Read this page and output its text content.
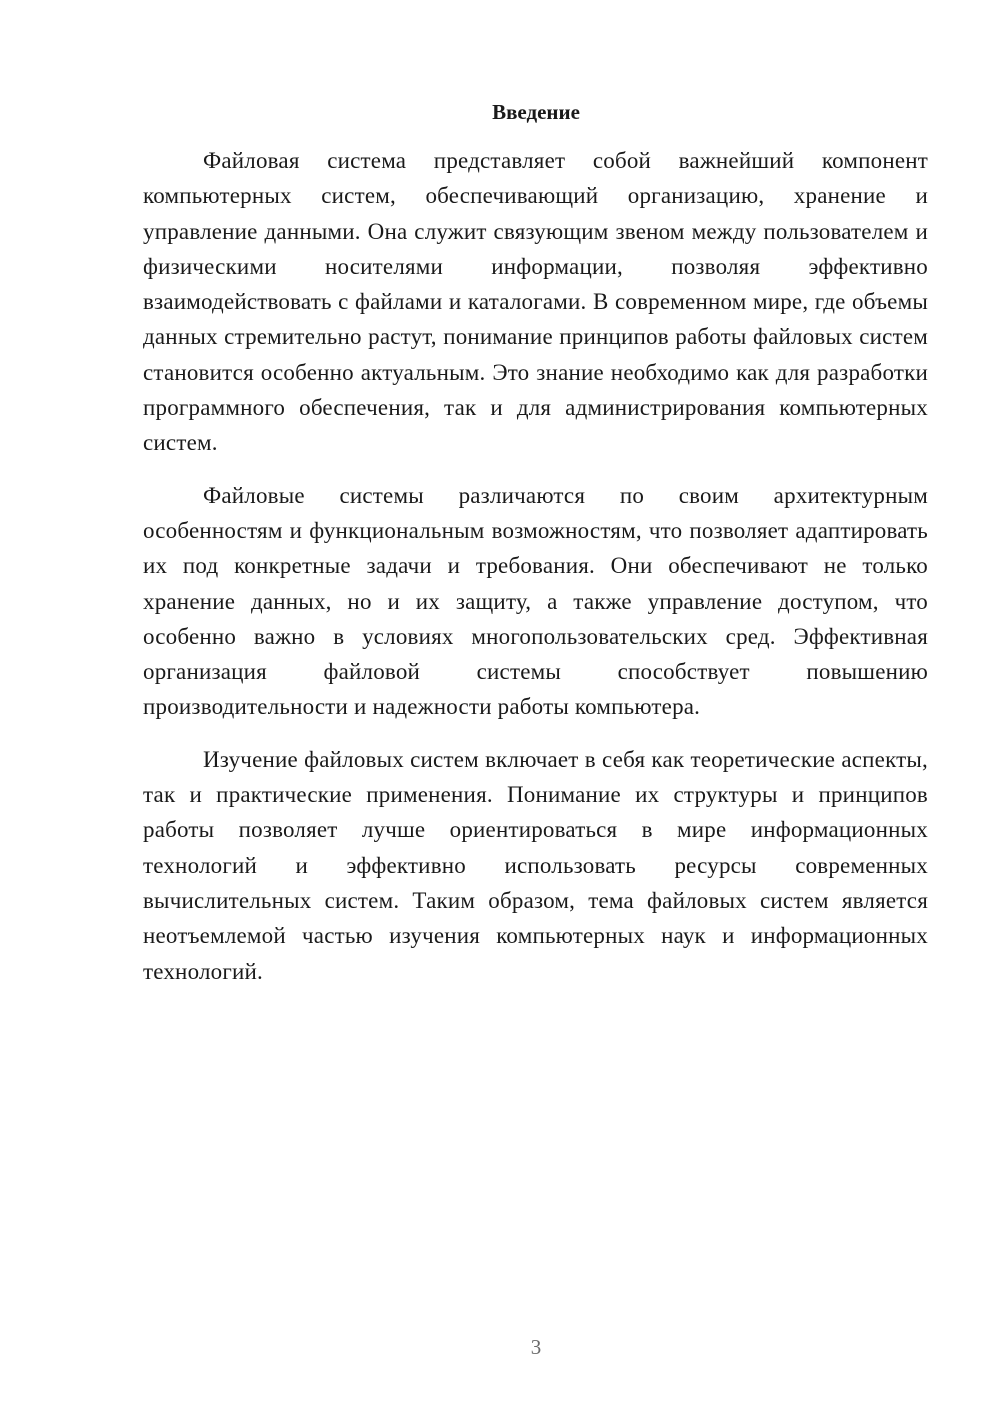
Введение

Файловая система представляет собой важнейший компонент компьютерных систем, обеспечивающий организацию, хранение и управление данными. Она служит связующим звеном между пользователем и физическими носителями информации, позволяя эффективно взаимодействовать с файлами и каталогами. В современном мире, где объемы данных стремительно растут, понимание принципов работы файловых систем становится особенно актуальным. Это знание необходимо как для разработки программного обеспечения, так и для администрирования компьютерных систем.

Файловые системы различаются по своим архитектурным особенностям и функциональным возможностям, что позволяет адаптировать их под конкретные задачи и требования. Они обеспечивают не только хранение данных, но и их защиту, а также управление доступом, что особенно важно в условиях многопользовательских сред. Эффективная организация файловой системы способствует повышению производительности и надежности работы компьютера.

Изучение файловых систем включает в себя как теоретические аспекты, так и практические применения. Понимание их структуры и принципов работы позволяет лучше ориентироваться в мире информационных технологий и эффективно использовать ресурсы современных вычислительных систем. Таким образом, тема файловых систем является неотъемлемой частью изучения компьютерных наук и информационных технологий.

3
